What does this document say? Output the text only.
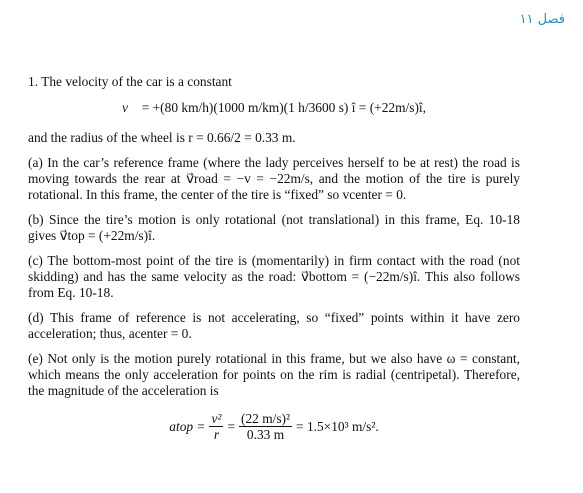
فصل ۱۱

1. The velocity of the car is a constant

v⃗ = +(80 km/h)(1000 m/km)(1 h/3600 s) î = (+22m/s)î,

and the radius of the wheel is r = 0.66/2 = 0.33 m.

(a) In the car’s reference frame (where the lady perceives herself to be at rest) the road is moving towards the rear at v⃗road = −v = −22m/s, and the motion of the tire is purely rotational. In this frame, the center of the tire is “fixed” so vcenter = 0.

(b) Since the tire’s motion is only rotational (not translational) in this frame, Eq. 10-18 gives v⃗top = (+22m/s)î.

(c) The bottom-most point of the tire is (momentarily) in firm contact with the road (not skidding) and has the same velocity as the road: v⃗bottom = (−22m/s)î. This also follows from Eq. 10-18.

(d) This frame of reference is not accelerating, so “fixed” points within it have zero acceleration; thus, acenter = 0.

(e) Not only is the motion purely rotational in this frame, but we also have ω = constant, which means the only acceleration for points on the rim is radial (centripetal). Therefore, the magnitude of the acceleration is

atop = $\frac{\text{v²}}{r} = \frac{\text{(22 m/s)²}}{0.33 m} = 1.5\times 10^3$ m/s².
